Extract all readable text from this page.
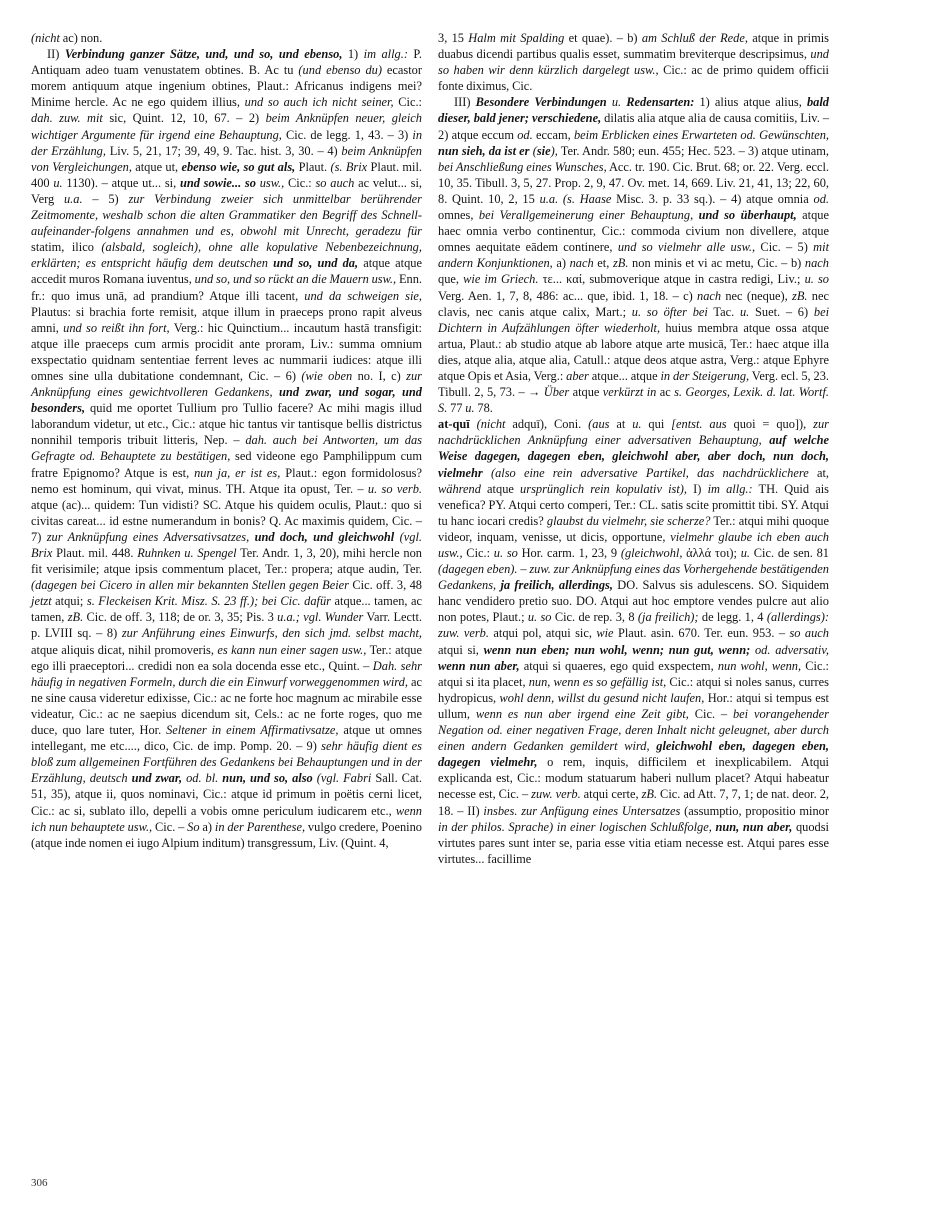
(nicht ac) non.

II) Verbindung ganzer Sätze, und, und so, und ebenso, 1) im allg.: P. Antiquam adeo tuam venustatem obtines. B. Ac tu (und ebenso du) ecastor morem antiquum atque ingenium obtines, Plaut.: Africanus indigens mei? Minime hercle. Ac ne ego quidem illius, und so auch ich nicht seiner, Cic.: dah. zuw. mit sic, Quint. 12, 10, 67. – 2) beim Anknüpfen neuer, gleich wichtiger Argumente für irgend eine Behauptung, Cic. de legg. 1, 43. – 3) in der Erzählung, Liv. 5, 21, 17; 39, 49, 9. Tac. hist. 3, 30. – 4) beim Anknüpfen von Vergleichungen, atque ut, ebenso wie, so gut als, Plaut. (s. Brix Plaut. mil. 400 u. 1130). – atque ut... si, und sowie... so usw., Cic.: so auch ac velut... si, Verg u.a. – 5) zur Verbindung zweier sich unmittelbar berührender Zeitmomente, weshalb schon die alten Grammatiker den Begriff des Schnell-aufeinander-folgens annahmen und es, obwohl mit Unrecht, geradezu für statim, ilico (alsbald, sogleich), ohne alle kopulative Nebenbezeichnung, erklärten; es entspricht häufig dem deutschen und so, und da, atque atque accedit muros Romana iuventus, und so, und so rückt an die Mauern usw., Enn. fr.: quo imus unā, ad prandium? Atque illi tacent, und da schweigen sie, Plautus: si brachia forte remisit, atque illum in praeceps prono rapit alveus amni, und so reißt ihn fort, Verg.: hic Quinctium... incautum hastā transfigit: atque ille praeceps cum armis procidit ante proram, Liv.: summa omnium exspectatio quidnam sententiae ferrent leves ac nummarii iudices: atque illi omnes sine ulla dubitatione condemnant, Cic. – 6) (wie oben no. I, c) zur Anknüpfung eines gewichtvolleren Gedankens, und zwar, und sogar, und besonders, quid me oportet Tullium pro Tullio facere? Ac mihi magis illud laborandum videtur, ut etc., Cic.: atque hic tantus vir tantisque bellis districtus nonnihil temporis tribuit litteris, Nep. – dah. auch bei Antworten, um das Gefragte od. Behauptete zu bestätigen, sed videone ego Pamphilippum cum fratre Epignomo? Atque is est, nun ja, er ist es, Plaut.: egon formidolosus? nemo est hominum, qui vivat, minus. TH. Atque ita opust, Ter. – u. so verb. atque (ac)... quidem: Tun vidisti? SC. Atque his quidem oculis, Plaut.: quo si civitas careat... id estne numerandum in bonis? Q. Ac maximis quidem, Cic. – 7) zur Anknüpfung eines Adversativsatzes, und doch, und gleichwohl (vgl. Brix Plaut. mil. 448. Ruhnken u. Spengel Ter. Andr. 1, 3, 20), mihi hercle non fit verisimile; atque ipsis commentum placet, Ter.: propera; atque audin, Ter. (dagegen bei Cicero in allen mir bekannten Stellen gegen Beier Cic. off. 3, 48 jetzt atqui; s. Fleckeisen Krit. Misz. S. 23 ff.); bei Cic. dafür atque... tamen, ac tamen, zB. Cic. de off. 3, 118; de or. 3, 35; Pis. 3 u.a.; vgl. Wunder Varr. Lectt. p. LVIII sq. – 8) zur Anführung eines Einwurfs, den sich jmd. selbst macht, atque aliquis dicat, nihil promoveris, es kann nun einer sagen usw., Ter.: atque ego illi praeceptori... credidi non ea sola docenda esse etc., Quint. – Dah. sehr häufig in negativen Formeln, durch die ein Einwurf vorweggenommen wird, ac ne sine causa videretur edixisse, Cic.: ac ne forte hoc magnum ac mirabile esse videatur, Cic.: ac ne saepius dicendum sit, Cels.: ac ne forte roges, quo me duce, quo lare tuter, Hor. Seltener in einem Affirmativsatze, atque ut omnes intellegant, me etc...., dico, Cic. de imp. Pomp. 20. – 9) sehr häufig dient es bloß zum allgemeinen Fortführen des Gedankens bei Behauptungen und in der Erzählung, deutsch und zwar, od. bl. nun, und so, also (vgl. Fabri Sall. Cat. 51, 35), atque ii, quos nominavi, Cic.: atque id primum in poëtis cerni licet, Cic.: ac si, sublato illo, depelli a vobis omne periculum iudicarem etc., wenn ich nun behauptete usw., Cic. – So a) in der Parenthese, vulgo credere, Poenino (atque inde nomen ei iugo Alpium inditum) transgressum, Liv. (Quint. 4,

3, 15 Halm mit Spalding et quae). – b) am Schluß der Rede, atque in primis duabus dicendi partibus qualis esset, summatim breviterque descripsimus, und so haben wir denn kürzlich dargelegt usw., Cic.: ac de primo quidem officii fonte diximus, Cic.

III) Besondere Verbindungen u. Redensarten: 1) alius atque alius, bald dieser, bald jener; verschiedene, dilatis alia atque alia de causa comitiis, Liv. – 2) atque eccum od. eccam, beim Erblicken eines Erwarteten od. Gewünschten, nun sieh, da ist er (sie), Ter. Andr. 580; eun. 455; Hec. 523. – 3) atque utinam, bei Anschließung eines Wunsches, Acc. tr. 190. Cic. Brut. 68; or. 22. Verg. eccl. 10, 35. Tibull. 3, 5, 27. Prop. 2, 9, 47. Ov. met. 14, 669. Liv. 21, 41, 13; 22, 60, 8. Quint. 10, 2, 15 u.a. (s. Haase Misc. 3. p. 33 sq.). – 4) atque omnia od. omnes, bei Verallgemeinerung einer Behauptung, und so überhaupt, atque haec omnia verbo continentur, Cic.: commoda civium non divellere, atque omnes aequitate eādem continere, und so vielmehr alle usw., Cic. – 5) mit andern Konjunktionen, a) nach et, zB. non minis et vi ac metu, Cic. – b) nach que, wie im Griech. τε... καί, submoverique atque in castra redigi, Liv.; u. so Verg. Aen. 1, 7, 8, 486: ac... que, ibid. 1, 18. – c) nach nec (neque), zB. nec clavis, nec canis atque calix, Mart.; u. so öfter bei Tac. u. Suet. – 6) bei Dichtern in Aufzählungen öfter wiederholt, huius membra atque ossa atque artua, Plaut.: ab studio atque ab labore atque arte musicā, Ter.: haec atque illa dies, atque alia, atque alia, Catull.: atque deos atque astra, Verg.: atque Ephyre atque Opis et Asia, Verg.: aber atque... atque in der Steigerung, Verg. ecl. 5, 23. Tibull. 2, 5, 73. – → Über atque verkürzt in ac s. Georges, Lexik. d. lat. Wortf. S. 77 u. 78.

at-quī (nicht adquī), Coni. (aus at u. qui [entst. aus quoi = quo]), zur nachdrücklichen Anknüpfung einer adversativen Behauptung, auf welche Weise dagegen, dagegen eben, gleichwohl aber, aber doch, nun doch, vielmehr (also eine rein adversative Partikel, das nachdrücklichere at, während atque ursprünglich rein kopulativ ist), I) im allg.: TH. Quid ais venefica? PY. Atqui certo comperi, Ter.: CL. satis scite promittit tibi. SY. Atqui tu hanc iocari credis? glaubst du vielmehr, sie scherze? Ter.: atqui mihi quoque videor, inquam, venisse, ut dicis, opportune, vielmehr glaube ich eben auch usw., Cic.: u. so Hor. carm. 1, 23, 9 (gleichwohl, ἀλλά τοι); u. Cic. de sen. 81 (dagegen eben). – zuw. zur Anknüpfung eines das Vorhergehende bestätigenden Gedankens, ja freilich, allerdings, DO. Salvus sis adulescens. SO. Siquidem hanc vendidero pretio suo. DO. Atqui aut hoc emptore vendes pulcre aut alio non potes, Plaut.; u. so Cic. de rep. 3, 8 (ja freilich); de legg. 1, 4 (allerdings): zuw. verb. atqui pol, atqui sic, wie Plaut. asin. 670. Ter. eun. 953. – so auch atqui si, wenn nun eben; nun wohl, wenn; nun gut, wenn; od. adversativ, wenn nun aber, atqui si quaeres, ego quid exspectem, nun wohl, wenn, Cic.: atqui si ita placet, nun, wenn es so gefällig ist, Cic.: atqui si noles sanus, curres hydropicus, wohl denn, willst du gesund nicht laufen, Hor.: atqui si tempus est ullum, wenn es nun aber irgend eine Zeit gibt, Cic. – bei vorangehender Negation od. einer negativen Frage, deren Inhalt nicht geleugnet, aber durch einen andern Gedanken gemildert wird, gleichwohl eben, dagegen eben, dagegen vielmehr, o rem, inquis, difficilem et inexplicabilem. Atqui explicanda est, Cic.: modum statuarum haberi nullum placet? Atqui habeatur necesse est, Cic. – zuw. verb. atqui certe, zB. Cic. ad Att. 7, 7, 1; de nat. deor. 2, 18. – II) insbes. zur Anfügung eines Untersatzes (assumptio, propositio minor in der philos. Sprache) in einer logischen Schlußfolge, nun, nun aber, quodsi virtutes pares sunt inter se, paria esse vitia etiam necesse est. Atqui pares esse virtutes... facillime

306
